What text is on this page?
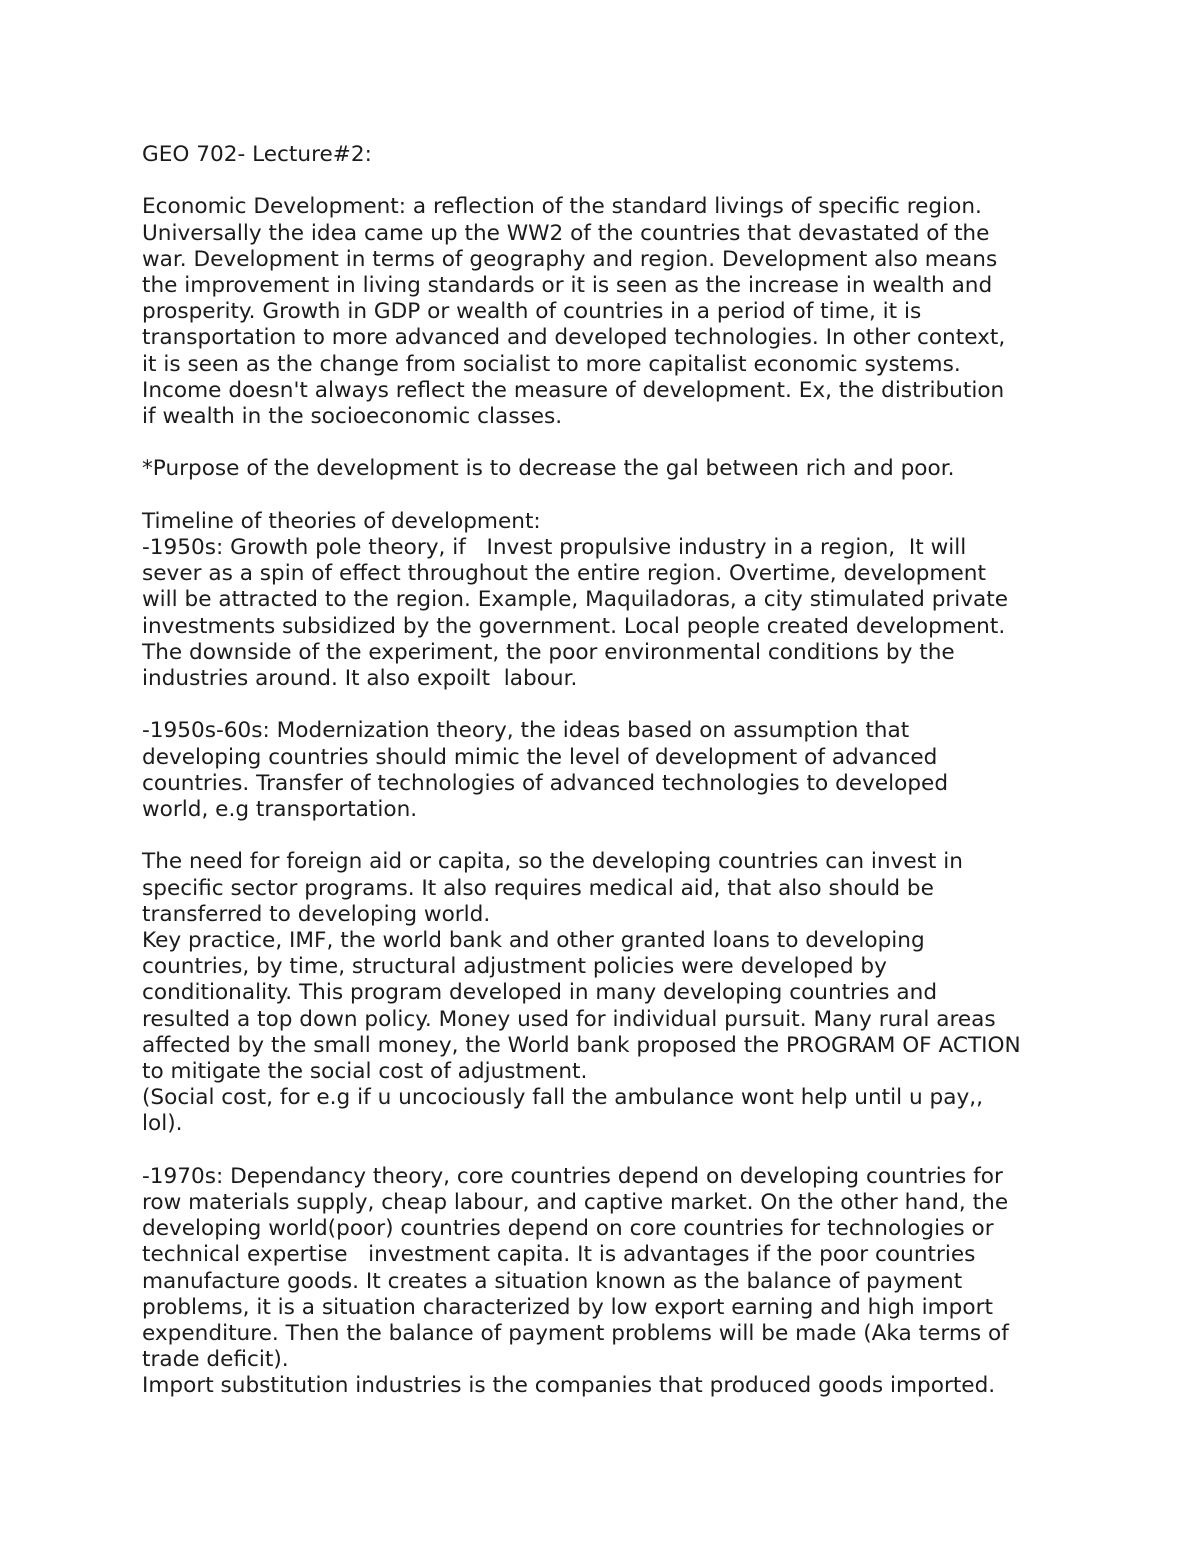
GEO 702- Lecture#2:

Economic Development: a reflection of the standard livings of specific region.
Universally the idea came up the WW2 of the countries that devastated of the
war. Development in terms of geography and region. Development also means
the improvement in living standards or it is seen as the increase in wealth and
prosperity. Growth in GDP or wealth of countries in a period of time, it is
transportation to more advanced and developed technologies. In other context,
it is seen as the change from socialist to more capitalist economic systems.
Income doesn't always reflect the measure of development. Ex, the distribution
if wealth in the socioeconomic classes.

*Purpose of the development is to decrease the gal between rich and poor.

Timeline of theories of development:
-1950s: Growth pole theory, if   Invest propulsive industry in a region,  It will
sever as a spin of effect throughout the entire region. Overtime, development
will be attracted to the region. Example, Maquiladoras, a city stimulated private
investments subsidized by the government. Local people created development.
The downside of the experiment, the poor environmental conditions by the
industries around. It also expoilt  labour.

-1950s-60s: Modernization theory, the ideas based on assumption that
developing countries should mimic the level of development of advanced
countries. Transfer of technologies of advanced technologies to developed
world, e.g transportation.

The need for foreign aid or capita, so the developing countries can invest in
specific sector programs. It also requires medical aid, that also should be
transferred to developing world.
Key practice, IMF, the world bank and other granted loans to developing
countries, by time, structural adjustment policies were developed by
conditionality. This program developed in many developing countries and
resulted a top down policy. Money used for individual pursuit. Many rural areas
affected by the small money, the World bank proposed the PROGRAM OF ACTION
to mitigate the social cost of adjustment.
(Social cost, for e.g if u uncociously fall the ambulance wont help until u pay,,
lol).

-1970s: Dependancy theory, core countries depend on developing countries for
row materials supply, cheap labour, and captive market. On the other hand, the
developing world(poor) countries depend on core countries for technologies or
technical expertise   investment capita. It is advantages if the poor countries
manufacture goods. It creates a situation known as the balance of payment
problems, it is a situation characterized by low export earning and high import
expenditure. Then the balance of payment problems will be made (Aka terms of
trade deficit).
Import substitution industries is the companies that produced goods imported.
